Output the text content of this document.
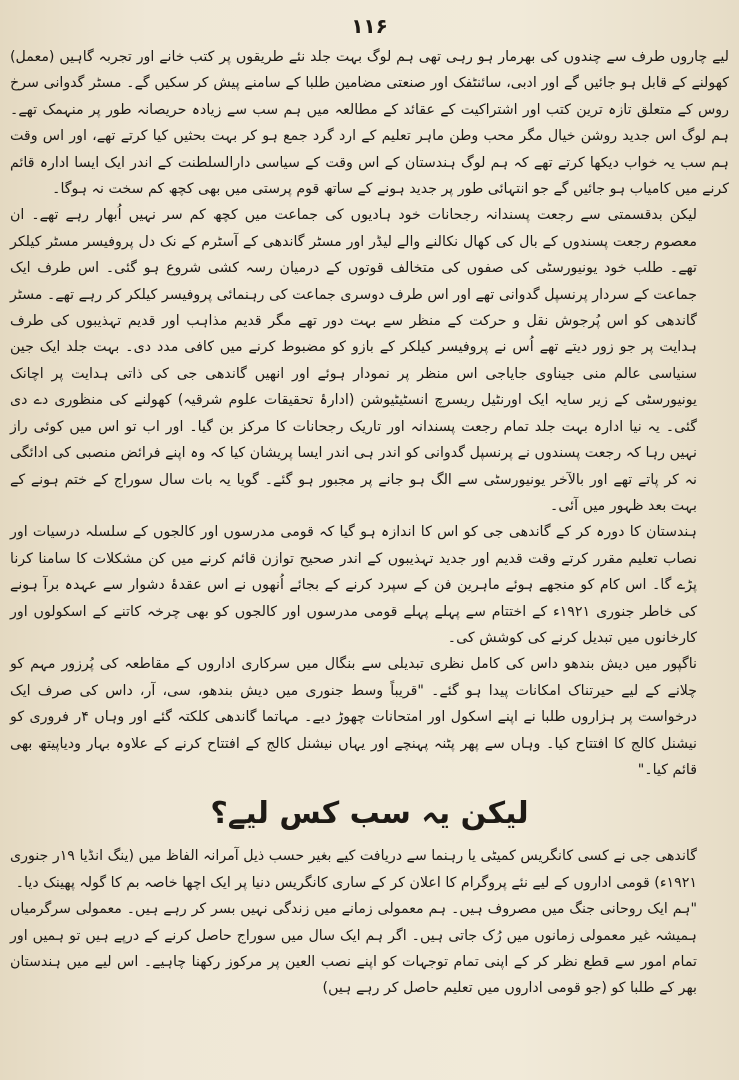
۱۱۶

لیے چاروں طرف سے چندوں کی بھرمار ہو رہی تھی ہم لوگ بہت جلد نئے طریقوں پر کتب خانے اور تجربہ گاہیں (معمل) کھولنے کے قابل ہو جائیں گے اور ادبی، سائنٹفک اور صنعتی مضامین طلبا کے سامنے پیش کر سکیں گے۔ مسٹر گدوانی سرخ روس کے متعلق تازہ ترین کتب اور اشتراکیت کے عقائد کے مطالعہ میں ہم سب سے زیادہ حریصانہ طور پر منہمک تھے۔ ہم لوگ اس جدید روشن خیال مگر محب وطن ماہر تعلیم کے ارد گرد جمع ہو کر بہت بحثیں کیا کرتے تھے، اور اس وقت ہم سب یہ خواب دیکھا کرتے تھے کہ ہم لوگ ہندستان کے اس وقت کے سیاسی دارالسلطنت کے اندر ایک ایسا ادارہ قائم کرنے میں کامیاب ہو جائیں گے جو انتہائی طور پر جدید ہونے کے ساتھ قوم پرستی میں بھی کچھ کم سخت نہ ہوگا۔

لیکن بدقسمتی سے رجعت پسندانہ رجحانات خود ہادیوں کی جماعت میں کچھ کم سر نہیں اُبھار رہے تھے۔ ان معصوم رجعت پسندوں کے بال کی کھال نکالنے والے لیڈر اور مسٹر گاندھی کے آسٹرم کے نک دل پروفیسر مسٹر کیلکر تھے۔ طلب خود یونیورسٹی کی صفوں کی متخالف قوتوں کے درمیان رسہ کشی شروع ہو گئی۔ اس طرف ایک جماعت کے سردار پرنسپل گدوانی تھے اور اس طرف دوسری جماعت کی رہنمائی پروفیسر کیلکر کر رہے تھے۔ مسٹر گاندھی کو اس پُرجوش نقل و حرکت کے منظر سے بہت دور تھے مگر قدیم مذاہب اور قدیم تہذیبوں کی طرف ہدایت پر جو زور دیتے تھے اُس نے پروفیسر کیلکر کے بازو کو مضبوط کرنے میں کافی مدد دی۔ بہت جلد ایک جین سنیاسی عالم منی جیناوی جایاجی اس منظر پر نمودار ہوئے اور انھیں گاندھی جی کی ذاتی ہدایت پر اچانک یونیورسٹی کے زیر سایہ ایک اورنٹیل ریسرچ انسٹیٹیوشن (ادارۂ تحقیقات علوم شرقیہ) کھولنے کی منظوری دے دی گئی۔ یہ نیا ادارہ بہت جلد تمام رجعت پسندانہ اور تاریک رجحانات کا مرکز بن گیا۔ اور اب تو اس میں کوئی راز نہیں رہا کہ رجعت پسندوں نے پرنسپل گدوانی کو اندر ہی اندر ایسا پریشان کیا کہ وہ اپنے فرائض منصبی کی ادائگی نہ کر پاتے تھے اور بالآخر یونیورسٹی سے الگ ہو جانے پر مجبور ہو گئے۔ گویا یہ بات سال سوراج کے ختم ہونے کے بہت بعد ظہور میں آئی۔

ہندستان کا دورہ کر کے گاندھی جی کو اس کا اندازہ ہو گیا کہ قومی مدرسوں اور کالجوں کے سلسلہ درسیات اور نصاب تعلیم مقرر کرتے وقت قدیم اور جدید تہذیبوں کے اندر صحیح توازن قائم کرنے میں کن مشکلات کا سامنا کرنا پڑے گا۔ اس کام کو منجھے ہوئے ماہرین فن کے سپرد کرنے کے بجائے اُنھوں نے اس عقدۂ دشوار سے عہدہ برآ ہونے کی خاطر جنوری ۱۹۲۱ء کے اختتام سے پہلے پہلے قومی مدرسوں اور کالجوں کو بھی چرخہ کاتنے کے اسکولوں اور کارخانوں میں تبدیل کرنے کی کوشش کی۔

ناگپور میں دیش بندھو داس کی کامل نظری تبدیلی سے بنگال میں سرکاری اداروں کے مقاطعہ کی پُرزور مہم کو چلانے کے لیے حیرتناک امکانات پیدا ہو گئے۔ "قریباً وسط جنوری میں دیش بندھو، سی، آر، داس کی صرف ایک درخواست پر ہزاروں طلبا نے اپنے اسکول اور امتحانات چھوڑ دیے۔ مہاتما گاندھی کلکتہ گئے اور وہاں ۴ر فروری کو نیشنل کالج کا افتتاح کیا۔ وہاں سے پھر پٹنہ پہنچے اور یہاں نیشنل کالج کے افتتاح کرنے کے علاوہ بہار ودیاپیتھ بھی قائم کیا۔"

لیکن یہ سب کس لیے؟

گاندھی جی نے کسی کانگریس کمیٹی یا رہنما سے دریافت کیے بغیر حسب ذیل آمرانہ الفاظ میں (ینگ انڈیا ۱۹ر جنوری ۱۹۲۱ء) قومی اداروں کے لیے نئے پروگرام کا اعلان کر کے ساری کانگریس دنیا پر ایک اچھا خاصہ بم کا گولہ پھینک دیا۔

"ہم ایک روحانی جنگ میں مصروف ہیں۔ ہم معمولی زمانے میں زندگی نہیں بسر کر رہے ہیں۔ معمولی سرگرمیاں ہمیشہ غیر معمولی زمانوں میں رُک جاتی ہیں۔ اگر ہم ایک سال میں سوراج حاصل کرنے کے درپے ہیں تو ہمیں اور تمام امور سے قطع نظر کر کے اپنی تمام توجہات کو اپنے نصب العین پر مرکوز رکھنا چاہیے۔ اس لیے میں ہندستان بھر کے طلبا کو (جو قومی اداروں میں تعلیم حاصل کر رہے ہیں)
